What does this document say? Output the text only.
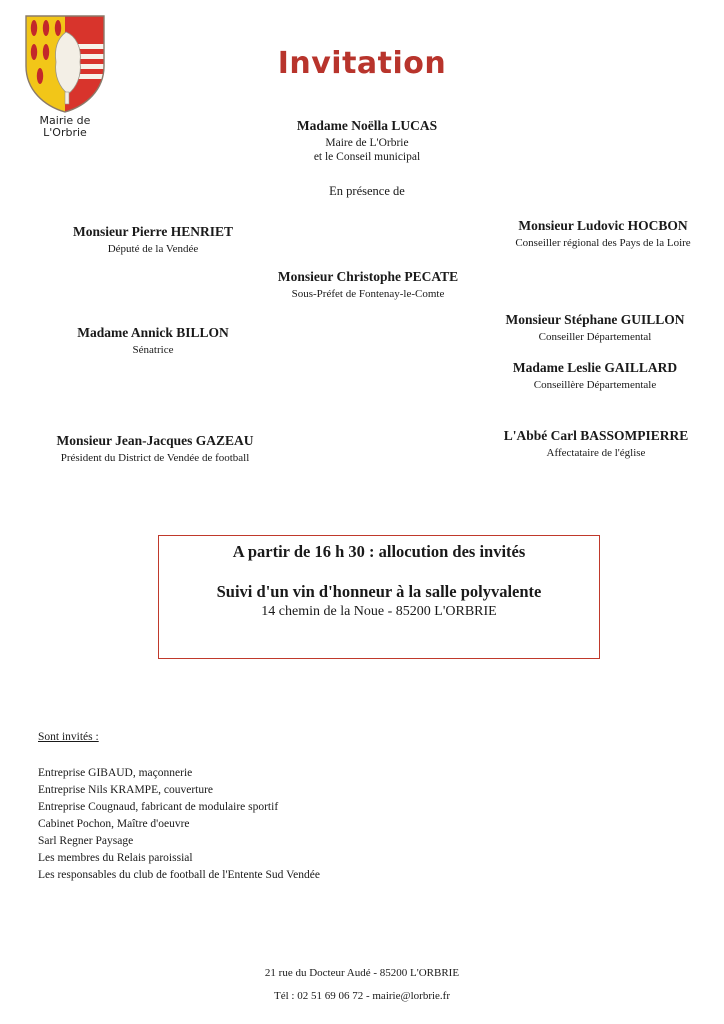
Mairie de
L'Orbrie
Invitation
Madame Noëlla LUCAS
Maire de L'Orbrie
et le Conseil municipal
En présence de
Monsieur Pierre HENRIET
Député de la Vendée
Monsieur Ludovic HOCBON
Conseiller régional des Pays de la Loire
Monsieur Christophe PECATE
Sous-Préfet de Fontenay-le-Comte
Madame Annick BILLON
Sénatrice
Monsieur Stéphane GUILLON
Conseiller Départemental
Madame Leslie GAILLARD
Conseillère Départementale
Monsieur Jean-Jacques GAZEAU
Président du District de Vendée de football
L'Abbé Carl BASSOMPIERRE
Affectataire de l'église
A partir de 16 h 30 : allocution des invités
Suivi d'un vin d'honneur à la salle polyvalente
14 chemin de la Noue - 85200 L'ORBRIE
Sont invités :
Entreprise GIBAUD, maçonnerie
Entreprise Nils KRAMPE, couverture
Entreprise Cougnaud, fabricant de modulaire sportif
Cabinet Pochon, Maître d'oeuvre
Sarl Regner Paysage
Les membres du Relais paroissial
Les responsables du club de football de l'Entente Sud Vendée
21 rue du Docteur Audé - 85200 L'ORBRIE
Tél : 02 51 69 06 72 - mairie@lorbrie.fr
